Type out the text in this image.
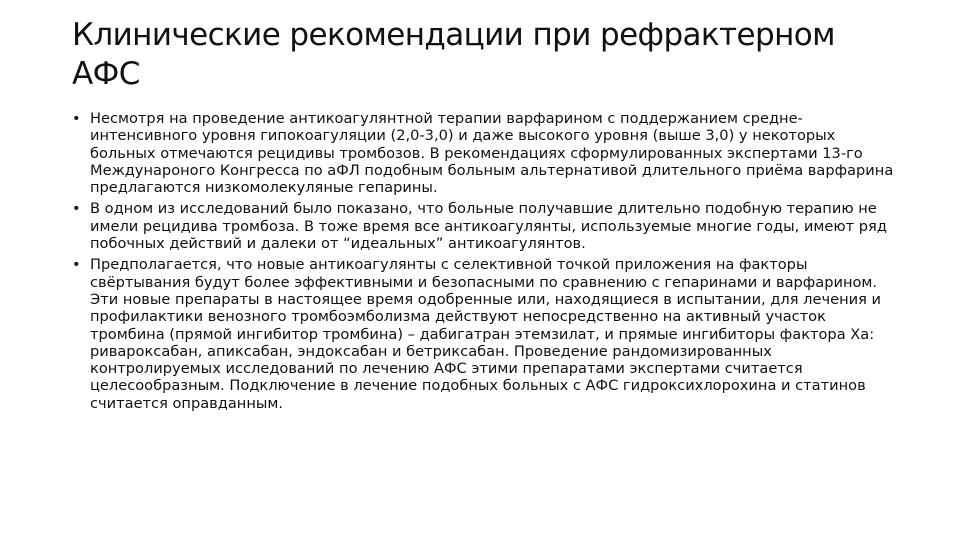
Клинические рекомендации при рефрактерном АФС
• Несмотря на проведение антикоагулянтной терапии варфарином с поддержанием средне-интенсивного уровня гипокоагуляции (2,0-3,0) и даже высокого уровня (выше 3,0) у некоторых больных отмечаются рецидивы тромбозов. В рекомендациях сформулированных экспертами 13-го Междунароного Конгресса по аФЛ подобным больным альтернативой длительного приёма варфарина предлагаются низкомолекуляные гепарины.
• В одном из исследований было показано, что больные получавшие длительно подобную терапию не имели рецидива тромбоза. В тоже время все антикоагулянты, используемые многие годы, имеют ряд побочных действий и далеки от “идеальных” антикоагулянтов.
• Предполагается, что новые антикоагулянты с селективной точкой приложения на факторы свёртывания будут более эффективными и безопасными по сравнению с гепаринами и варфарином. Эти новые препараты в настоящее время одобренные или, находящиеся в испытании, для лечения и профилактики венозного тромбоэмболизма действуют непосредственно на активный участок тромбина (прямой ингибитор тромбина) – дабигатран этемзилат, и прямые ингибиторы фактора Xa: ривароксабан, апиксабан, эндоксабан и бетриксабан. Проведение рандомизированных контролируемых исследований по лечению АФС этими препаратами экспертами считается целесообразным. Подключение в лечение подобных больных с АФС гидроксихлорохина и статинов считается оправданным.
